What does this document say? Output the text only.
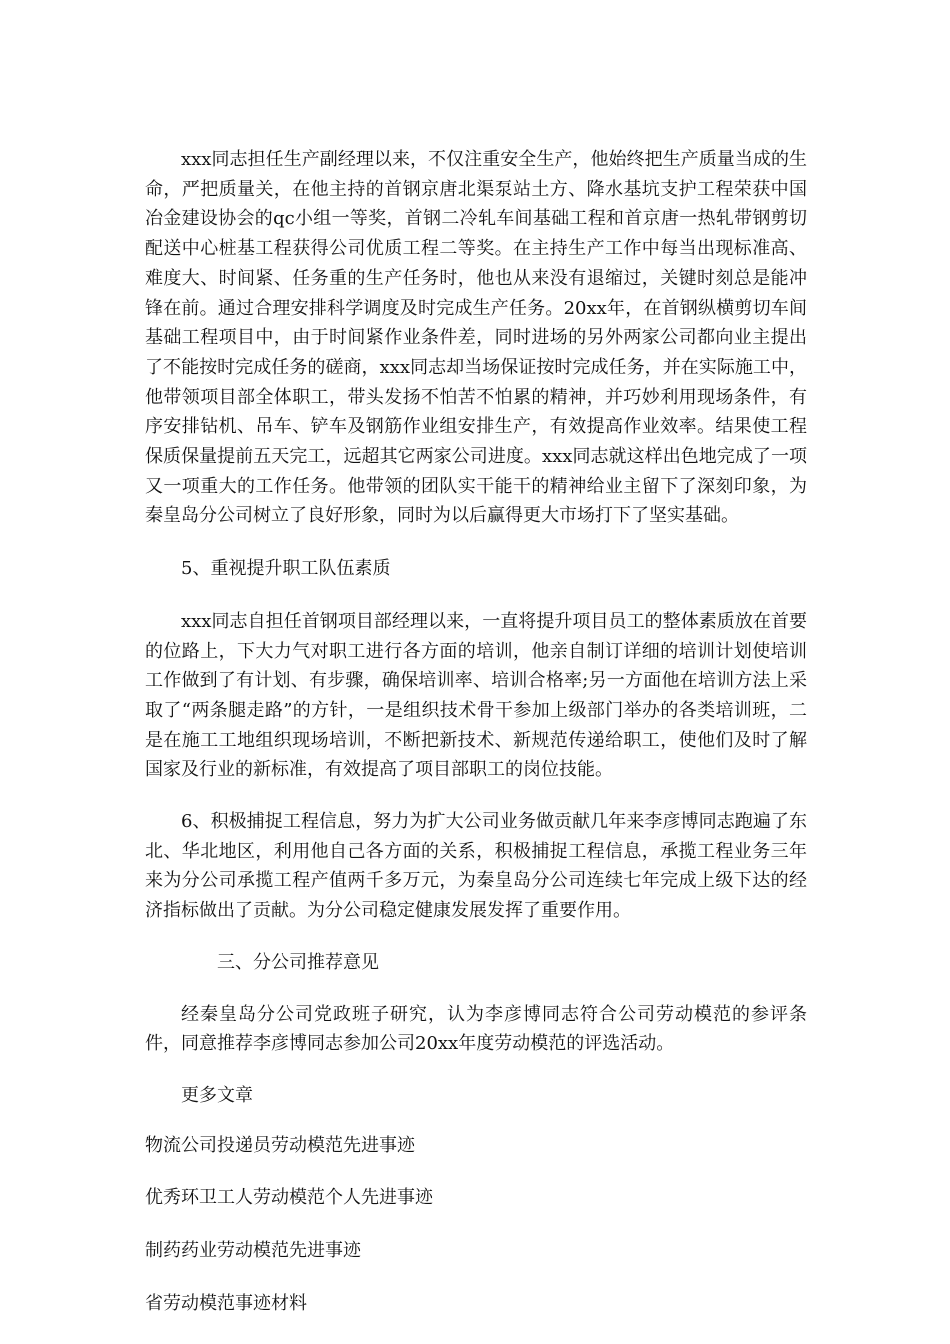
xxx同志担任生产副经理以来，不仅注重安全生产，他始终把生产质量当成的生命，严把质量关，在他主持的首钢京唐北渠泵站土方、降水基坑支护工程荣获中国冶金建设协会的qc小组一等奖，首钢二冷轧车间基础工程和首京唐一热轧带钢剪切配送中心桩基工程获得公司优质工程二等奖。在主持生产工作中每当出现标准高、难度大、时间紧、任务重的生产任务时，他也从来没有退缩过，关键时刻总是能冲锋在前。通过合理安排科学调度及时完成生产任务。20xx年，在首钢纵横剪切车间基础工程项目中，由于时间紧作业条件差，同时进场的另外两家公司都向业主提出了不能按时完成任务的磋商，xxx同志却当场保证按时完成任务，并在实际施工中，他带领项目部全体职工，带头发扬不怕苦不怕累的精神，并巧妙利用现场条件，有序安排钻机、吊车、铲车及钢筋作业组安排生产，有效提高作业效率。结果使工程保质保量提前五天完工，远超其它两家公司进度。xxx同志就这样出色地完成了一项又一项重大的工作任务。他带领的团队实干能干的精神给业主留下了深刻印象，为秦皇岛分公司树立了良好形象，同时为以后赢得更大市场打下了坚实基础。

5、重视提升职工队伍素质

xxx同志自担任首钢项目部经理以来，一直将提升项目员工的整体素质放在首要的位路上，下大力气对职工进行各方面的培训，他亲自制订详细的培训计划使培训工作做到了有计划、有步骤，确保培训率、培训合格率;另一方面他在培训方法上采取了“两条腿走路”的方针，一是组织技术骨干参加上级部门举办的各类培训班，二是在施工工地组织现场培训，不断把新技术、新规范传递给职工，使他们及时了解国家及行业的新标准，有效提高了项目部职工的岗位技能。

6、积极捕捉工程信息，努力为扩大公司业务做贡献几年来李彦博同志跑遍了东北、华北地区，利用他自己各方面的关系，积极捕捉工程信息，承揽工程业务三年来为分公司承揽工程产值两千多万元，为秦皇岛分公司连续七年完成上级下达的经济指标做出了贡献。为分公司稳定健康发展发挥了重要作用。

三、分公司推荐意见

经秦皇岛分公司党政班子研究，认为李彦博同志符合公司劳动模范的参评条件，同意推荐李彦博同志参加公司20xx年度劳动模范的评选活动。

更多文章

物流公司投递员劳动模范先进事迹
优秀环卫工人劳动模范个人先进事迹
制药药业劳动模范先进事迹
省劳动模范事迹材料
